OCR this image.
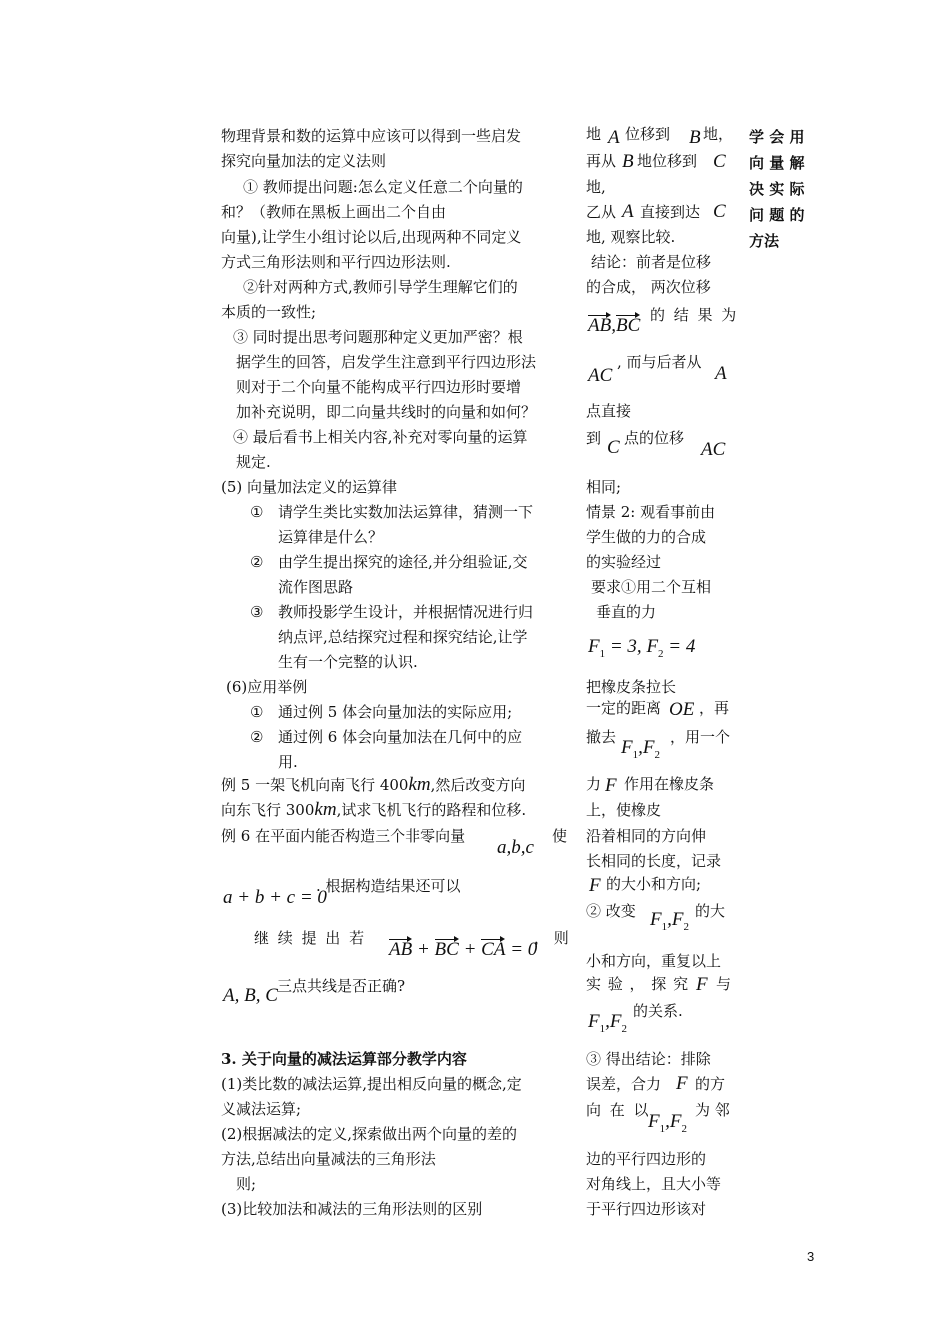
物理背景和数的运算中应该可以得到一些启发
探究向量加法的定义法则
① 教师提出问题:怎么定义任意二个向量的
和？（教师在黑板上画出二个自由
向量),让学生小组讨论以后,出现两种不同定义
方式三角形法则和平行四边形法则.
②针对两种方式,教师引导学生理解它们的
本质的一致性;
③ 同时提出思考问题那种定义更加严密？根
据学生的回答，启发学生注意到平行四边形法
则对于二个向量不能构成平行四边形时要增
加补充说明，即二向量共线时的向量和如何？
④ 最后看书上相关内容,补充对零向量的运算
规定.
(5) 向量加法定义的运算律
① 请学生类比实数加法运算律，猜测一下
运算律是什么？
② 由学生提出探究的途径,并分组验证,交
流作图思路
③ 教师投影学生设计，并根据情况进行归
纳点评,总结探究过程和探究结论,让学
生有一个完整的认识.
(6)应用举例
① 通过例 5 体会向量加法的实际应用;
② 通过例 6 体会向量加法在几何中的应
用.
例 5 一架飞机向南飞行 400km,然后改变方向
向东飞行 300km,试求飞机飞行的路程和位移.
例 6 在平面内能否构造三个非零向量
a,b,c
使
a + b + c = 0
. 根据构造结果还可以
继 续 提 出 若
AB + BC + CA = 0
， 则
A, B, C 三点共线是否正确?
3. 关于向量的减法运算部分教学内容
(1)类比数的减法运算,提出相反向量的概念,定
义减法运算;
(2)根据减法的定义,探索做出两个向量的差的
方法,总结出向量减法的三角形法
则;
(3)比较加法和减法的三角形法则的区别
地 A 位移到 B 地，
再从 B 地位移到 C
地,
乙从 A 直接到达 C
地, 观察比较.
结论：前者是位移
的合成， 两次位移
AB,BC 的 结 果 为
AC
, 而与后者从
A
点直接
到 C 点的位移
AC
相同;
情景 2: 观看事前由
学生做的力的合成
的实验经过
要求①用二个互相
垂直的力
$F_1 = 3$, $F_2 = 4$
把橡皮条拉长
一定的距离 OE ，再
撤去 $F_1,F_2$
，用一个
力 F 作用在橡皮条
上，使橡皮
沿着相同的方向伸
长相同的长度，记录
F 的大小和方向;
② 改变 $F_1,F_2$
的大
小和方向，重复以上
实 验 ， 探 究 F 与
$F_1,F_2$
的关系.
③ 得出结论：排除
误差，合力 F 的方
向 在 以
$F_1,F_2$
为 邻
边的平行四边形的
对角线上，且大小等
于平行四边形该对
学 会 用
向 量 解
决 实 际
问 题 的
方法
3
